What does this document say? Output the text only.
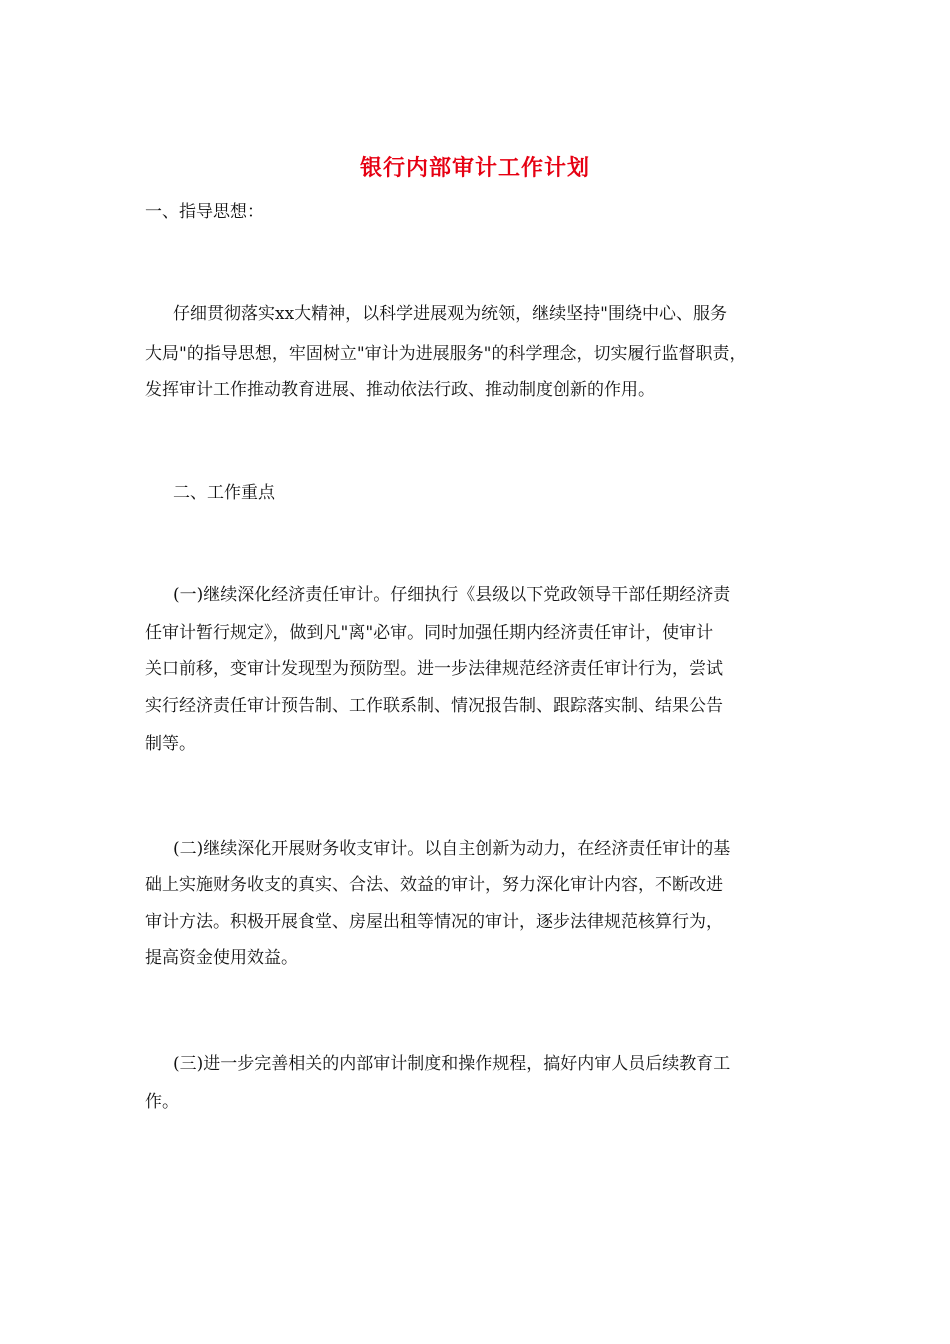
银行内部审计工作计划
一、指导思想：
仔细贯彻落实xx大精神，以科学进展观为统领，继续坚持"围绕中心、服务
大局"的指导思想，牢固树立"审计为进展服务"的科学理念，切实履行监督职责，
发挥审计工作推动教育进展、推动依法行政、推动制度创新的作用。
二、工作重点
(一)继续深化经济责任审计。仔细执行《县级以下党政领导干部任期经济责
任审计暂行规定》，做到凡"离"必审。同时加强任期内经济责任审计，使审计
关口前移，变审计发现型为预防型。进一步法律规范经济责任审计行为，尝试
实行经济责任审计预告制、工作联系制、情况报告制、跟踪落实制、结果公告
制等。
(二)继续深化开展财务收支审计。以自主创新为动力，在经济责任审计的基
础上实施财务收支的真实、合法、效益的审计，努力深化审计内容，不断改进
审计方法。积极开展食堂、房屋出租等情况的审计，逐步法律规范核算行为，
提高资金使用效益。
(三)进一步完善相关的内部审计制度和操作规程，搞好内审人员后续教育工
作。
